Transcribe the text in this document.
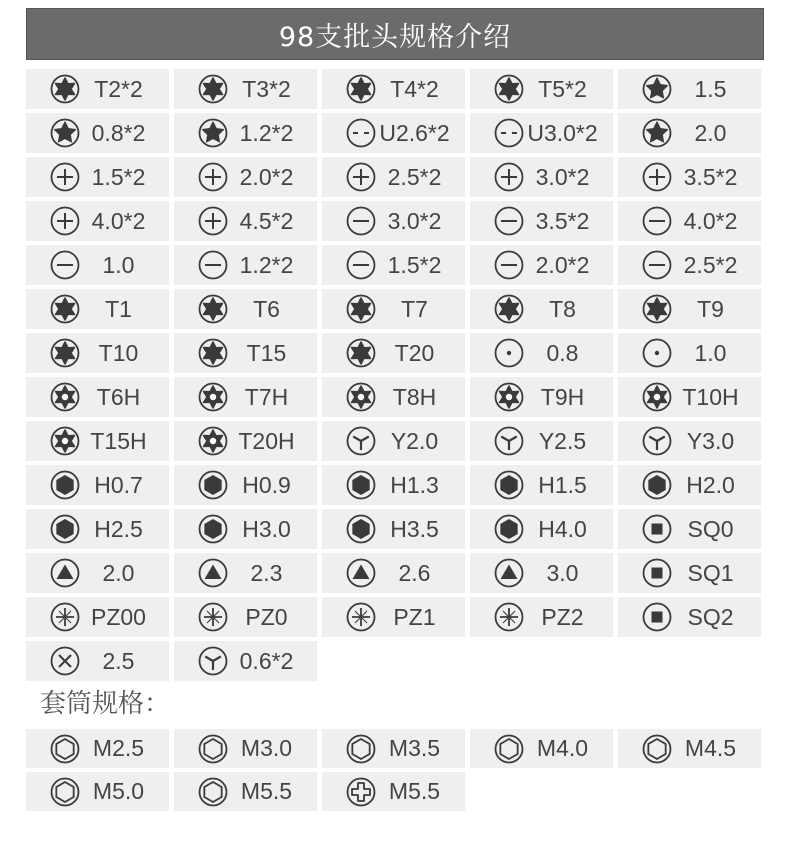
98支批头规格介绍
T2*2	T3*2	T4*2	T5*2	1.5
0.8*2	1.2*2	U2.6*2	U3.0*2	2.0
1.5*2	2.0*2	2.5*2	3.0*2	3.5*2
4.0*2	4.5*2	3.0*2	3.5*2	4.0*2
1.0	1.2*2	1.5*2	2.0*2	2.5*2
T1	T6	T7	T8	T9
T10	T15	T20	0.8	1.0
T6H	T7H	T8H	T9H	T10H
T15H	T20H	Y2.0	Y2.5	Y3.0
H0.7	H0.9	H1.3	H1.5	H2.0
H2.5	H3.0	H3.5	H4.0	SQ0
2.0	2.3	2.6	3.0	SQ1
PZ00	PZ0	PZ1	PZ2	SQ2
2.5	0.6*2
套筒规格：
M2.5	M3.0	M3.5	M4.0	M4.5
M5.0	M5.5	M5.5
